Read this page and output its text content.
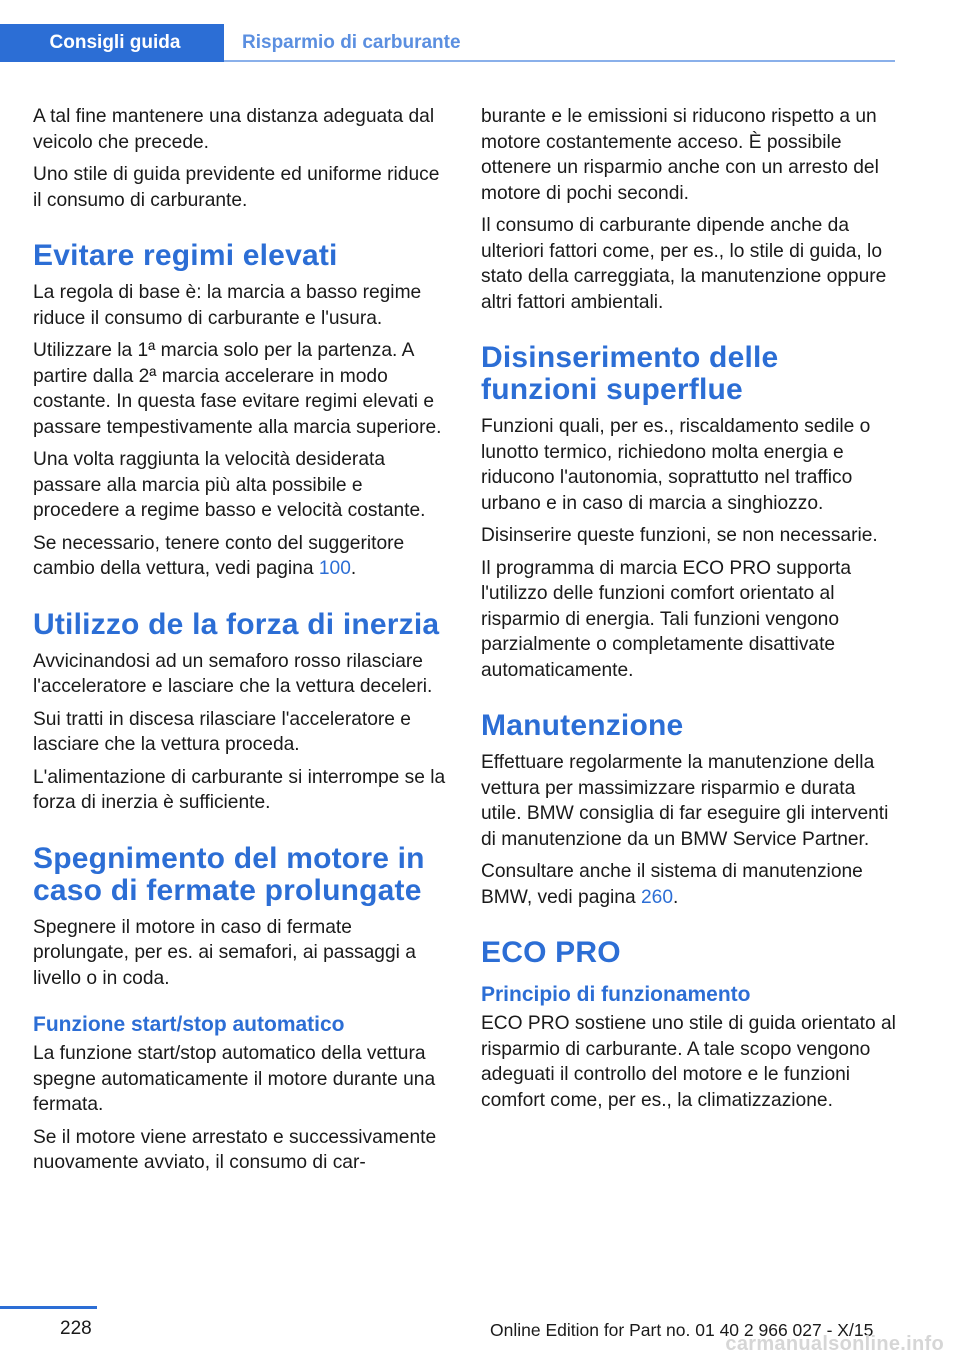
Consigli guida	Risparmio di carburante

A tal fine mantenere una distanza adeguata dal veicolo che precede.

Uno stile di guida previdente ed uniforme riduce il consumo di carburante.

Evitare regimi elevati

La regola di base è: la marcia a basso regime riduce il consumo di carburante e l'usura.

Utilizzare la 1ª marcia solo per la partenza. A partire dalla 2ª marcia accelerare in modo costante. In questa fase evitare regimi elevati e passare tempestivamente alla marcia superiore.

Una volta raggiunta la velocità desiderata passare alla marcia più alta possibile e procedere a regime basso e velocità costante.

Se necessario, tenere conto del suggeritore cambio della vettura, vedi pagina 100.

Utilizzo de la forza di inerzia

Avvicinandosi ad un semaforo rosso rilasciare l'acceleratore e lasciare che la vettura deceleri.

Sui tratti in discesa rilasciare l'acceleratore e lasciare che la vettura proceda.

L'alimentazione di carburante si interrompe se la forza di inerzia è sufficiente.

Spegnimento del motore in caso di fermate prolungate

Spegnere il motore in caso di fermate prolungate, per es. ai semafori, ai passaggi a livello o in coda.

Funzione start/stop automatico

La funzione start/stop automatico della vettura spegne automaticamente il motore durante una fermata.

Se il motore viene arrestato e successivamente nuovamente avviato, il consumo di car-

burante e le emissioni si riducono rispetto a un motore costantemente acceso. È possibile ottenere un risparmio anche con un arresto del motore di pochi secondi.

Il consumo di carburante dipende anche da ulteriori fattori come, per es., lo stile di guida, lo stato della carreggiata, la manutenzione oppure altri fattori ambientali.

Disinserimento delle funzioni superflue

Funzioni quali, per es., riscaldamento sedile o lunotto termico, richiedono molta energia e riducono l'autonomia, soprattutto nel traffico urbano e in caso di marcia a singhiozzo.

Disinserire queste funzioni, se non necessarie.

Il programma di marcia ECO PRO supporta l'utilizzo delle funzioni comfort orientato al risparmio di energia. Tali funzioni vengono parzialmente o completamente disattivate automaticamente.

Manutenzione

Effettuare regolarmente la manutenzione della vettura per massimizzare risparmio e durata utile. BMW consiglia di far eseguire gli interventi di manutenzione da un BMW Service Partner.

Consultare anche il sistema di manutenzione BMW, vedi pagina 260.

ECO PRO
Principio di funzionamento

ECO PRO sostiene uno stile di guida orientato al risparmio di carburante. A tale scopo vengono adeguati il controllo del motore e le funzioni comfort come, per es., la climatizzazione.

228	Online Edition for Part no. 01 40 2 966 027 - X/15
carmanualsonline.info
